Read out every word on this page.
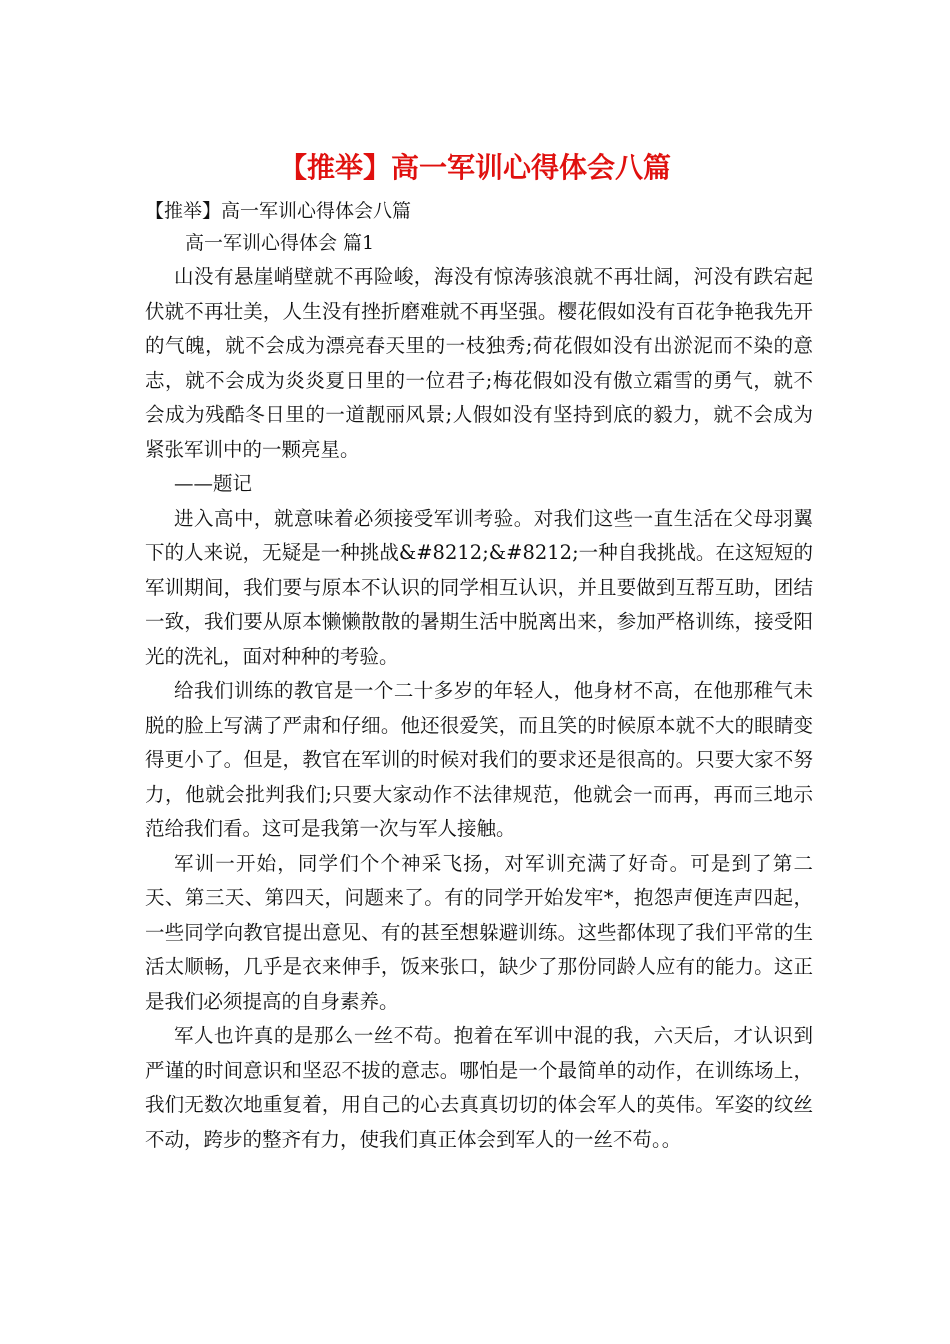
【推举】高一军训心得体会八篇

【推举】高一军训心得体会八篇

高一军训心得体会 篇1

山没有悬崖峭壁就不再险峻，海没有惊涛骇浪就不再壮阔，河没有跌宕起伏就不再壮美，人生没有挫折磨难就不再坚强。樱花假如没有百花争艳我先开的气魄，就不会成为漂亮春天里的一枝独秀;荷花假如没有出淤泥而不染的意志，就不会成为炎炎夏日里的一位君子;梅花假如没有傲立霜雪的勇气，就不会成为残酷冬日里的一道靓丽风景;人假如没有坚持到底的毅力，就不会成为紧张军训中的一颗亮星。

——题记

进入高中，就意味着必须接受军训考验。对我们这些一直生活在父母羽翼下的人来说，无疑是一种挑战&#8212;&#8212;一种自我挑战。在这短短的军训期间，我们要与原本不认识的同学相互认识，并且要做到互帮互助，团结一致，我们要从原本懒懒散散的暑期生活中脱离出来，参加严格训练，接受阳光的洗礼，面对种种的考验。

给我们训练的教官是一个二十多岁的年轻人，他身材不高，在他那稚气未脱的脸上写满了严肃和仔细。他还很爱笑，而且笑的时候原本就不大的眼睛变得更小了。但是，教官在军训的时候对我们的要求还是很高的。只要大家不努力，他就会批判我们;只要大家动作不法律规范，他就会一而再，再而三地示范给我们看。这可是我第一次与军人接触。

军训一开始，同学们个个神采飞扬，对军训充满了好奇。可是到了第二天、第三天、第四天，问题来了。有的同学开始发牢*，抱怨声便连声四起，一些同学向教官提出意见、有的甚至想躲避训练。这些都体现了我们平常的生活太顺畅，几乎是衣来伸手，饭来张口，缺少了那份同龄人应有的能力。这正是我们必须提高的自身素养。

军人也许真的是那么一丝不苟。抱着在军训中混的我，六天后，才认识到严谨的时间意识和坚忍不拔的意志。哪怕是一个最简单的动作，在训练场上，我们无数次地重复着，用自己的心去真真切切的体会军人的英伟。军姿的纹丝不动，跨步的整齐有力，使我们真正体会到军人的一丝不苟。。
